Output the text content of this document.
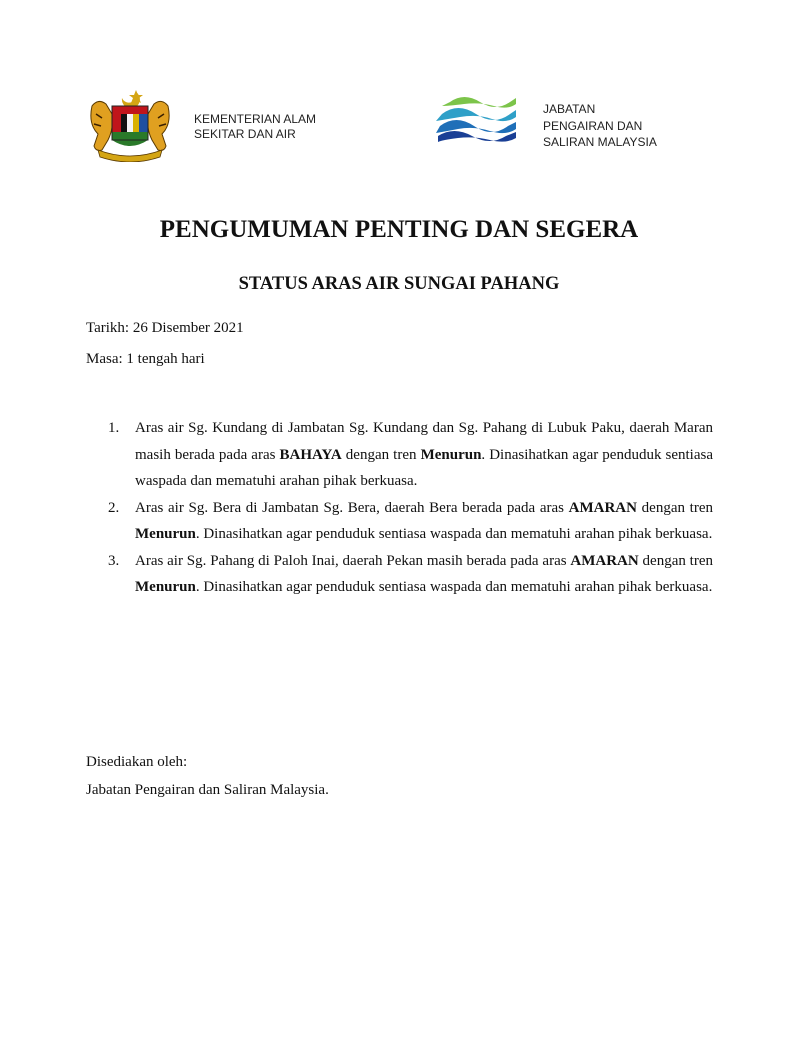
KEMENTERIAN ALAM
SEKITAR DAN AIR
JABATAN
PENGAIRAN DAN
SALIRAN MALAYSIA
PENGUMUMAN PENTING DAN SEGERA
STATUS ARAS AIR SUNGAI PAHANG
Tarikh: 26 Disember 2021
Masa: 1 tengah hari
1. Aras air Sg. Kundang di Jambatan Sg. Kundang dan Sg. Pahang di Lubuk Paku, daerah Maran masih berada pada aras BAHAYA dengan tren Menurun. Dinasihatkan agar penduduk sentiasa waspada dan mematuhi arahan pihak berkuasa.
2. Aras air Sg. Bera di Jambatan Sg. Bera, daerah Bera berada pada aras AMARAN dengan tren Menurun. Dinasihatkan agar penduduk sentiasa waspada dan mematuhi arahan pihak berkuasa.
3. Aras air Sg. Pahang di Paloh Inai, daerah Pekan masih berada pada aras AMARAN dengan tren Menurun. Dinasihatkan agar penduduk sentiasa waspada dan mematuhi arahan pihak berkuasa.
Disediakan oleh:
Jabatan Pengairan dan Saliran Malaysia.
